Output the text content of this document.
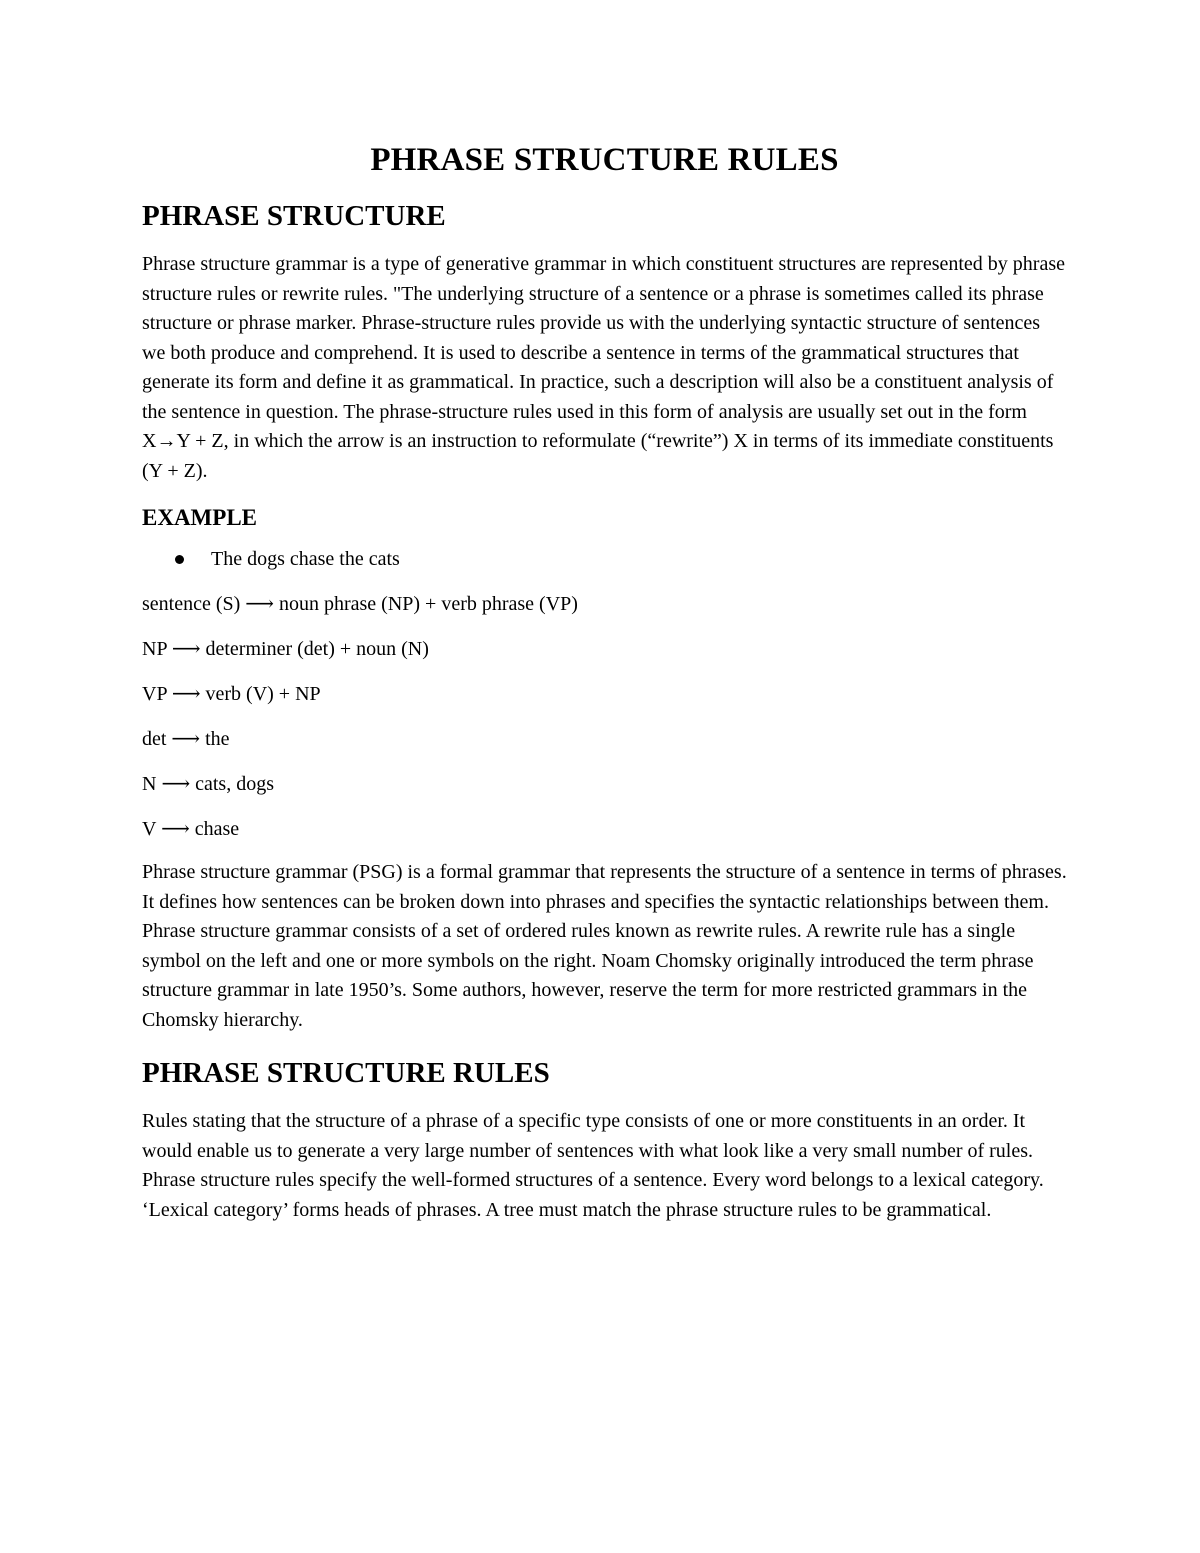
PHRASE STRUCTURE RULES
PHRASE STRUCTURE

Phrase structure grammar is a type of generative grammar in which constituent structures are represented by phrase structure rules or rewrite rules. "The underlying structure of a sentence or a phrase is sometimes called its phrase structure or phrase marker. Phrase-structure rules provide us with the underlying syntactic structure of sentences we both produce and comprehend. It is used to describe a sentence in terms of the grammatical structures that generate its form and define it as grammatical. In practice, such a description will also be a constituent analysis of the sentence in question. The phrase-structure rules used in this form of analysis are usually set out in the form X→Y + Z, in which the arrow is an instruction to reformulate (“rewrite”) X in terms of its immediate constituents (Y + Z).

EXAMPLE
The dogs chase the cats

sentence (S) ⟶ noun phrase (NP) + verb phrase (VP)

NP ⟶ determiner (det) + noun (N)

VP ⟶ verb (V) + NP

det ⟶ the

N ⟶ cats, dogs

V ⟶ chase

Phrase structure grammar (PSG) is a formal grammar that represents the structure of a sentence in terms of phrases. It defines how sentences can be broken down into phrases and specifies the syntactic relationships between them. Phrase structure grammar consists of a set of ordered rules known as rewrite rules. A rewrite rule has a single symbol on the left and one or more symbols on the right. Noam Chomsky originally introduced the term phrase structure grammar in late 1950’s. Some authors, however, reserve the term for more restricted grammars in the Chomsky hierarchy.

PHRASE STRUCTURE RULES

Rules stating that the structure of a phrase of a specific type consists of one or more constituents in an order. It would enable us to generate a very large number of sentences with what look like a very small number of rules. Phrase structure rules specify the well-formed structures of a sentence. Every word belongs to a lexical category. ‘Lexical category’ forms heads of phrases. A tree must match the phrase structure rules to be grammatical.
